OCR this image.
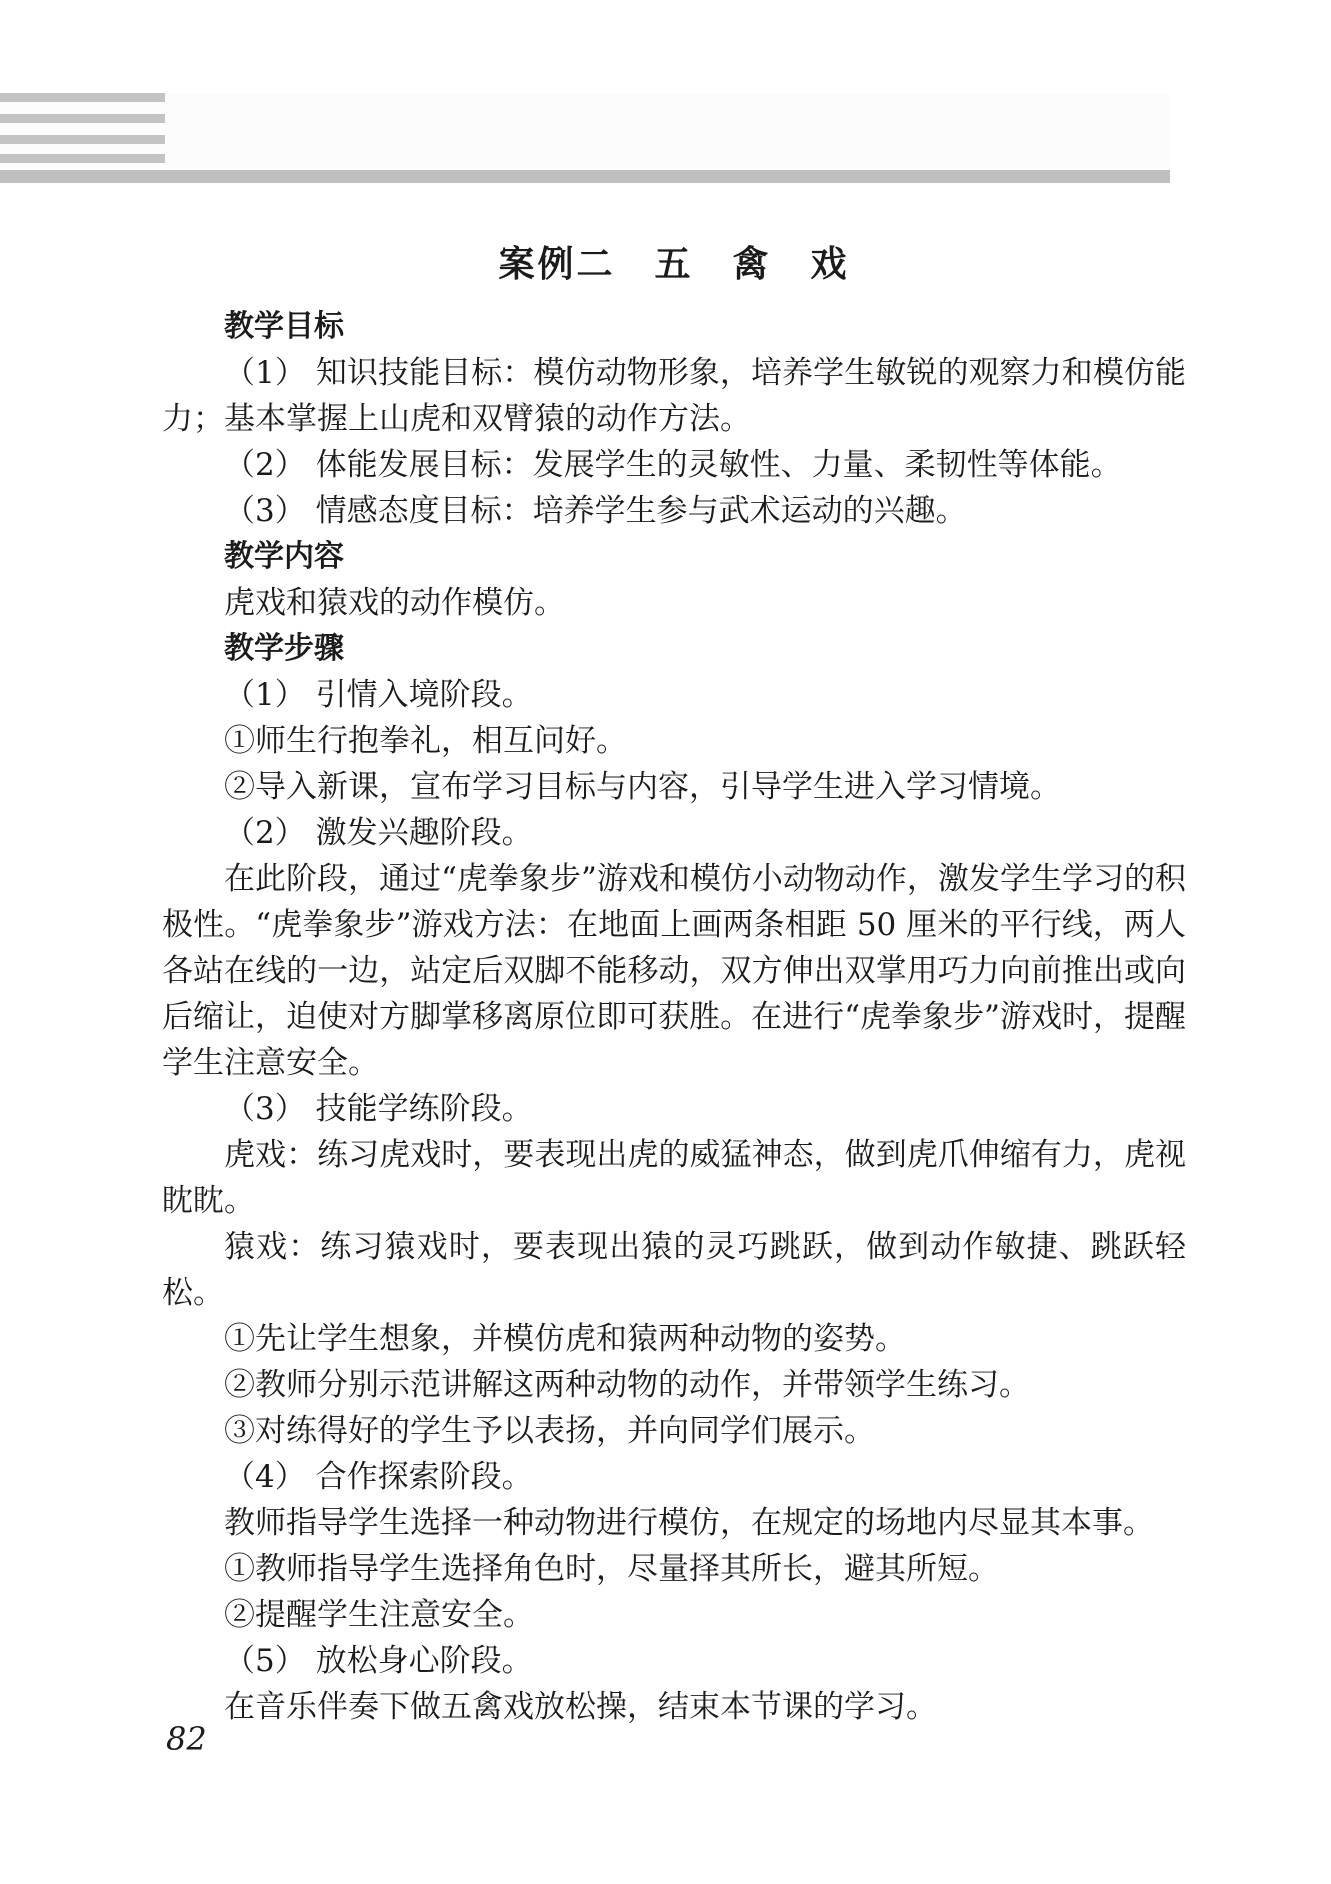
案例二　五　禽　戏

教学目标

（1） 知识技能目标：模仿动物形象，培养学生敏锐的观察力和模仿能力；基本掌握上山虎和双臂猿的动作方法。

（2） 体能发展目标：发展学生的灵敏性、力量、柔韧性等体能。

（3） 情感态度目标：培养学生参与武术运动的兴趣。

教学内容

虎戏和猿戏的动作模仿。

教学步骤

（1） 引情入境阶段。

①师生行抱拳礼，相互问好。

②导入新课，宣布学习目标与内容，引导学生进入学习情境。

（2） 激发兴趣阶段。

在此阶段，通过“虎拳象步”游戏和模仿小动物动作，激发学生学习的积极性。“虎拳象步”游戏方法：在地面上画两条相距 50 厘米的平行线，两人各站在线的一边，站定后双脚不能移动，双方伸出双掌用巧力向前推出或向后缩让，迫使对方脚掌移离原位即可获胜。在进行“虎拳象步”游戏时，提醒学生注意安全。

（3） 技能学练阶段。

虎戏：练习虎戏时，要表现出虎的威猛神态，做到虎爪伸缩有力，虎视眈眈。

猿戏：练习猿戏时，要表现出猿的灵巧跳跃，做到动作敏捷、跳跃轻松。

①先让学生想象，并模仿虎和猿两种动物的姿势。

②教师分别示范讲解这两种动物的动作，并带领学生练习。

③对练得好的学生予以表扬，并向同学们展示。

（4） 合作探索阶段。

教师指导学生选择一种动物进行模仿，在规定的场地内尽显其本事。

①教师指导学生选择角色时，尽量择其所长，避其所短。

②提醒学生注意安全。

（5） 放松身心阶段。

在音乐伴奏下做五禽戏放松操，结束本节课的学习。

82
